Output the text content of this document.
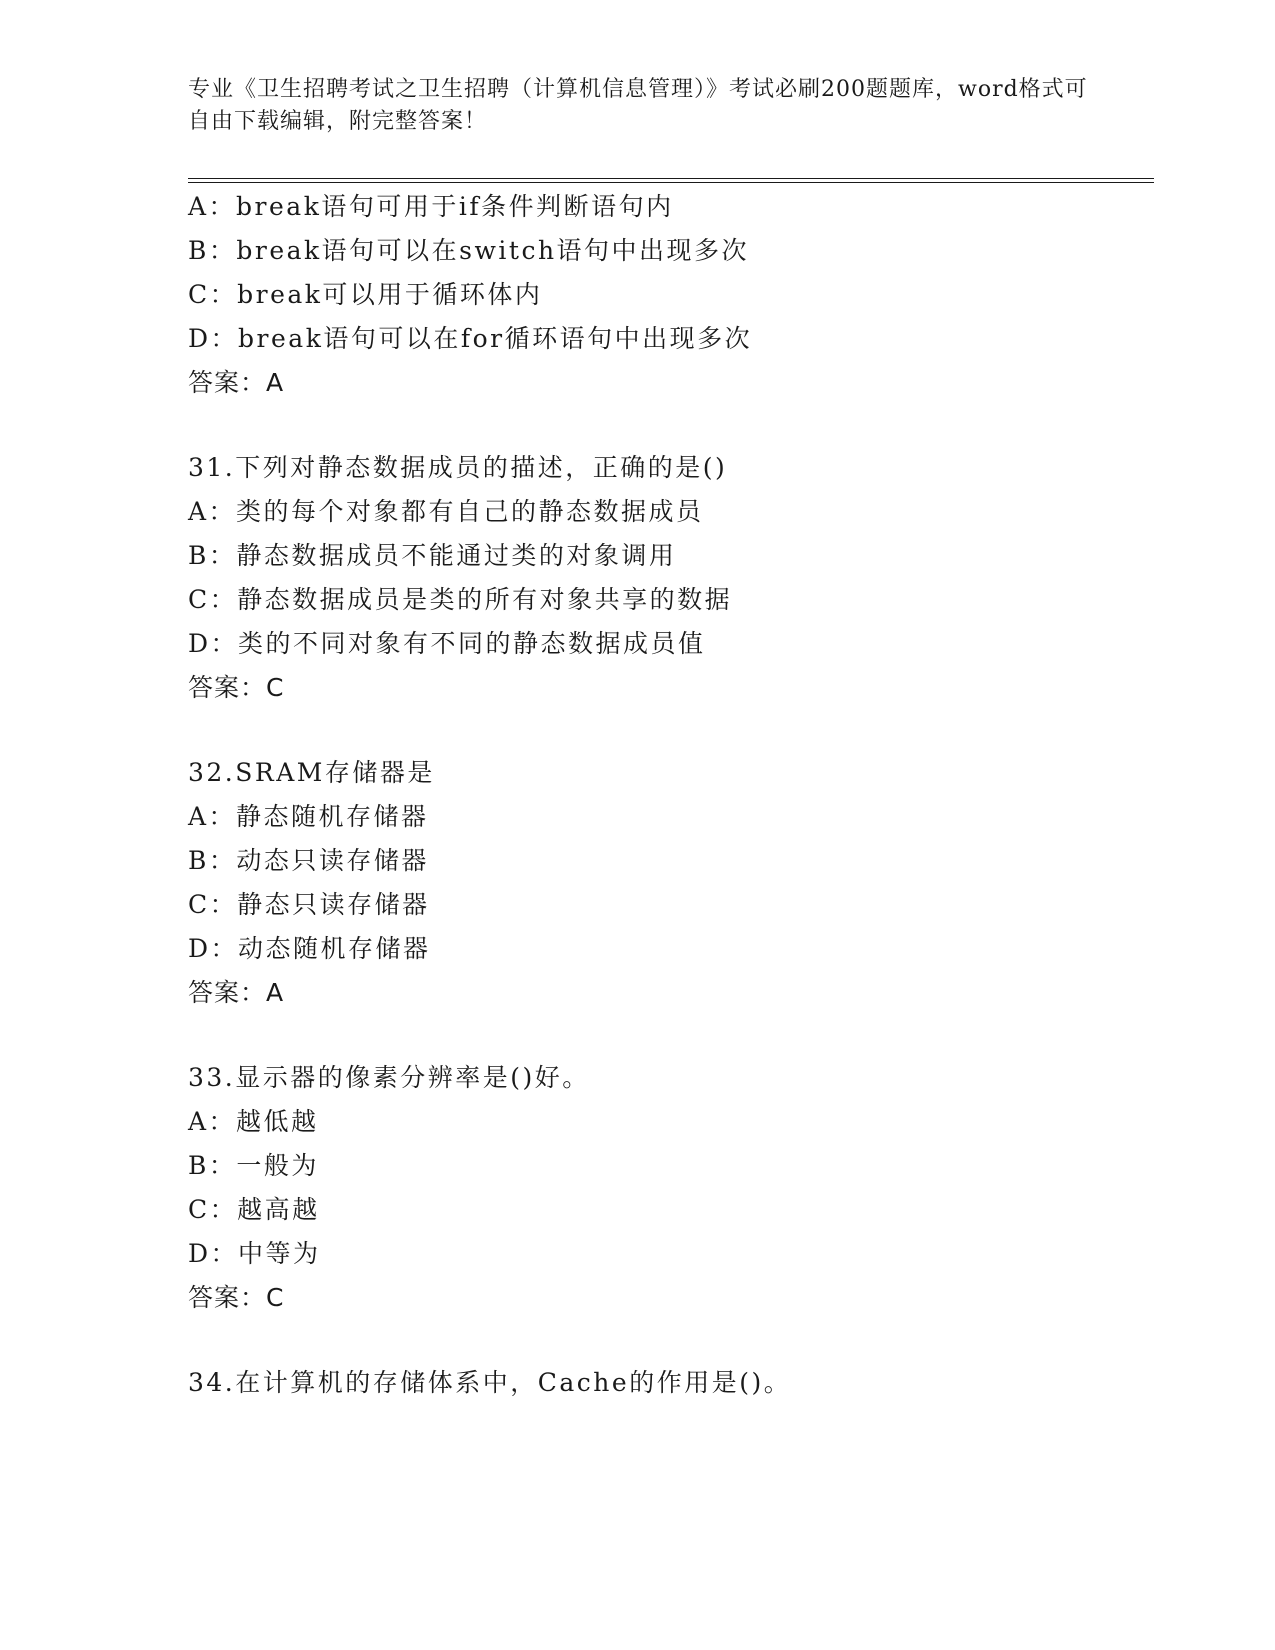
专业《卫生招聘考试之卫生招聘（计算机信息管理）》考试必刷200题题库，word格式可自由下载编辑，附完整答案！
A：break语句可用于if条件判断语句内
B：break语句可以在switch语句中出现多次
C：break可以用于循环体内
D：break语句可以在for循环语句中出现多次
答案：A
31.下列对静态数据成员的描述，正确的是()
A：类的每个对象都有自己的静态数据成员
B：静态数据成员不能通过类的对象调用
C：静态数据成员是类的所有对象共享的数据
D：类的不同对象有不同的静态数据成员值
答案：C
32.SRAM存储器是
A：静态随机存储器
B：动态只读存储器
C：静态只读存储器
D：动态随机存储器
答案：A
33.显示器的像素分辨率是()好。
A：越低越
B：一般为
C：越高越
D：中等为
答案：C
34.在计算机的存储体系中，Cache的作用是()。
